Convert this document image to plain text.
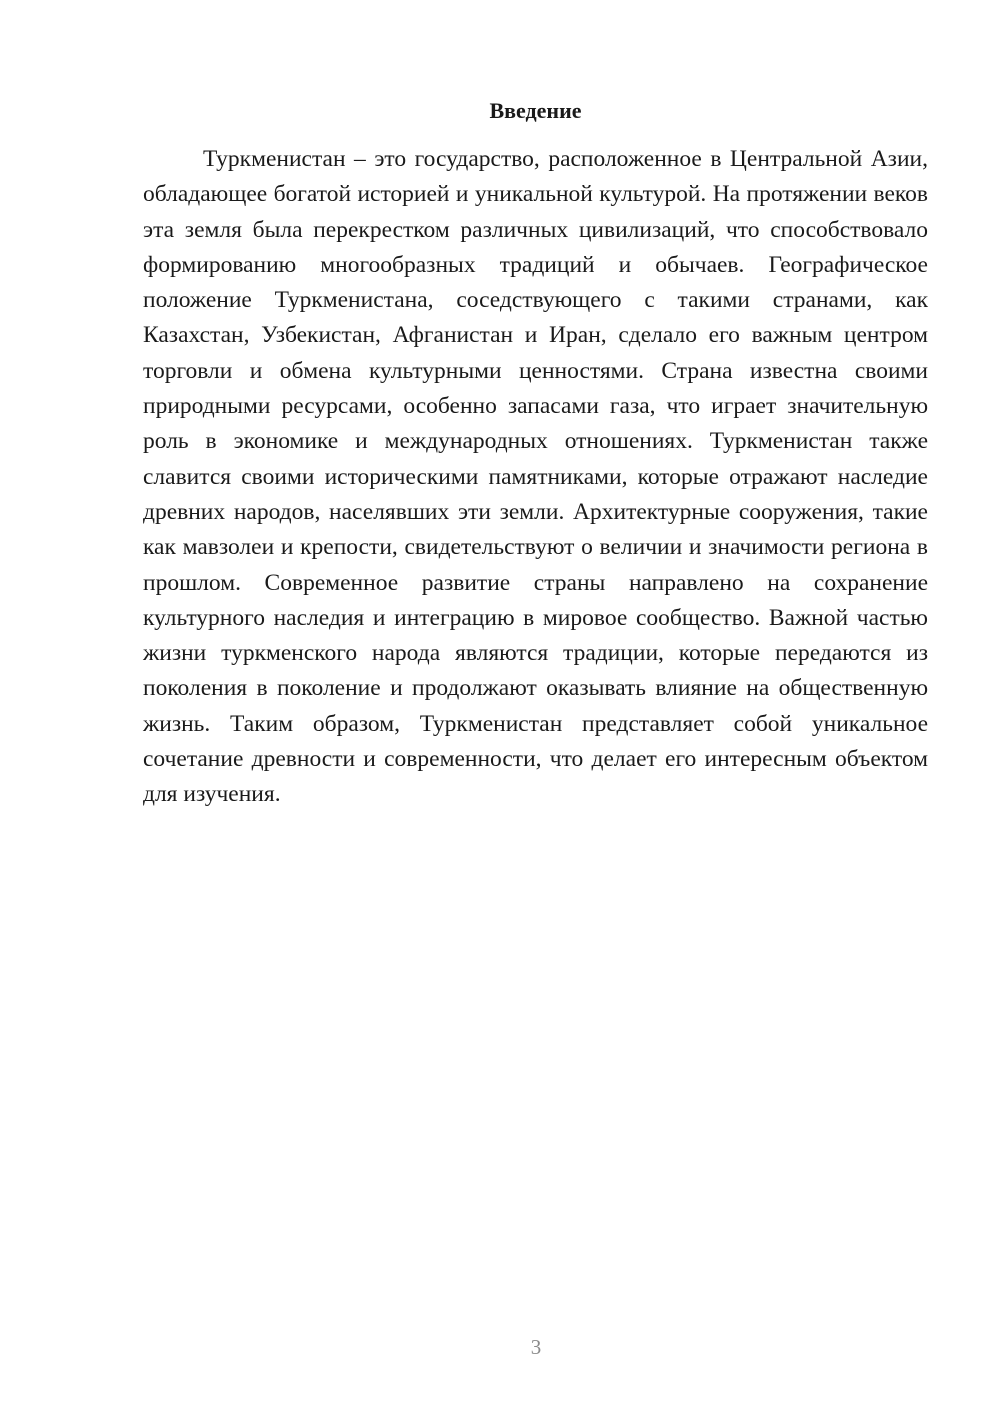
Введение

Туркменистан – это государство, расположенное в Центральной Азии, обладающее богатой историей и уникальной культурой. На протяжении веков эта земля была перекрестком различных цивилизаций, что способствовало формированию многообразных традиций и обычаев. Географическое положение Туркменистана, соседствующего с такими странами, как Казахстан, Узбекистан, Афганистан и Иран, сделало его важным центром торговли и обмена культурными ценностями. Страна известна своими природными ресурсами, особенно запасами газа, что играет значительную роль в экономике и международных отношениях. Туркменистан также славится своими историческими памятниками, которые отражают наследие древних народов, населявших эти земли. Архитектурные сооружения, такие как мавзолеи и крепости, свидетельствуют о величии и значимости региона в прошлом. Современное развитие страны направлено на сохранение культурного наследия и интеграцию в мировое сообщество. Важной частью жизни туркменского народа являются традиции, которые передаются из поколения в поколение и продолжают оказывать влияние на общественную жизнь. Таким образом, Туркменистан представляет собой уникальное сочетание древности и современности, что делает его интересным объектом для изучения.

3
